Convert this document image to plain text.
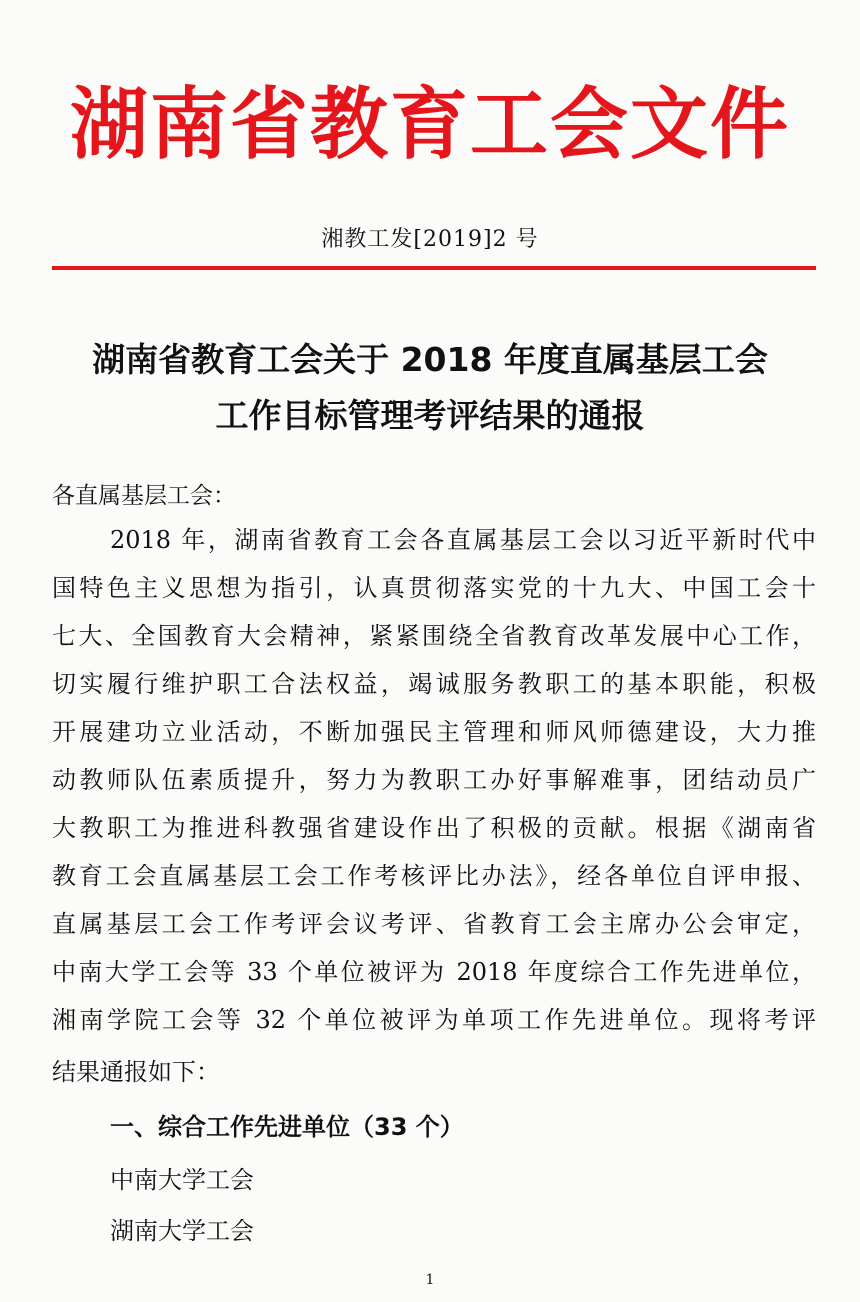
湖南省教育工会文件
湘教工发[2019]2 号
湖南省教育工会关于 2018 年度直属基层工会
工作目标管理考评结果的通报
各直属基层工会：
2018 年，湖南省教育工会各直属基层工会以习近平新时代中
国特色主义思想为指引，认真贯彻落实党的十九大、中国工会十
七大、全国教育大会精神，紧紧围绕全省教育改革发展中心工作，
切实履行维护职工合法权益，竭诚服务教职工的基本职能，积极
开展建功立业活动，不断加强民主管理和师风师德建设，大力推
动教师队伍素质提升，努力为教职工办好事解难事，团结动员广
大教职工为推进科教强省建设作出了积极的贡献。根据《湖南省
教育工会直属基层工会工作考核评比办法》，经各单位自评申报、
直属基层工会工作考评会议考评、省教育工会主席办公会审定，
中南大学工会等 33 个单位被评为 2018 年度综合工作先进单位，
湘南学院工会等 32 个单位被评为单项工作先进单位。现将考评
结果通报如下：
一、综合工作先进单位（33 个）
中南大学工会
湖南大学工会
1
